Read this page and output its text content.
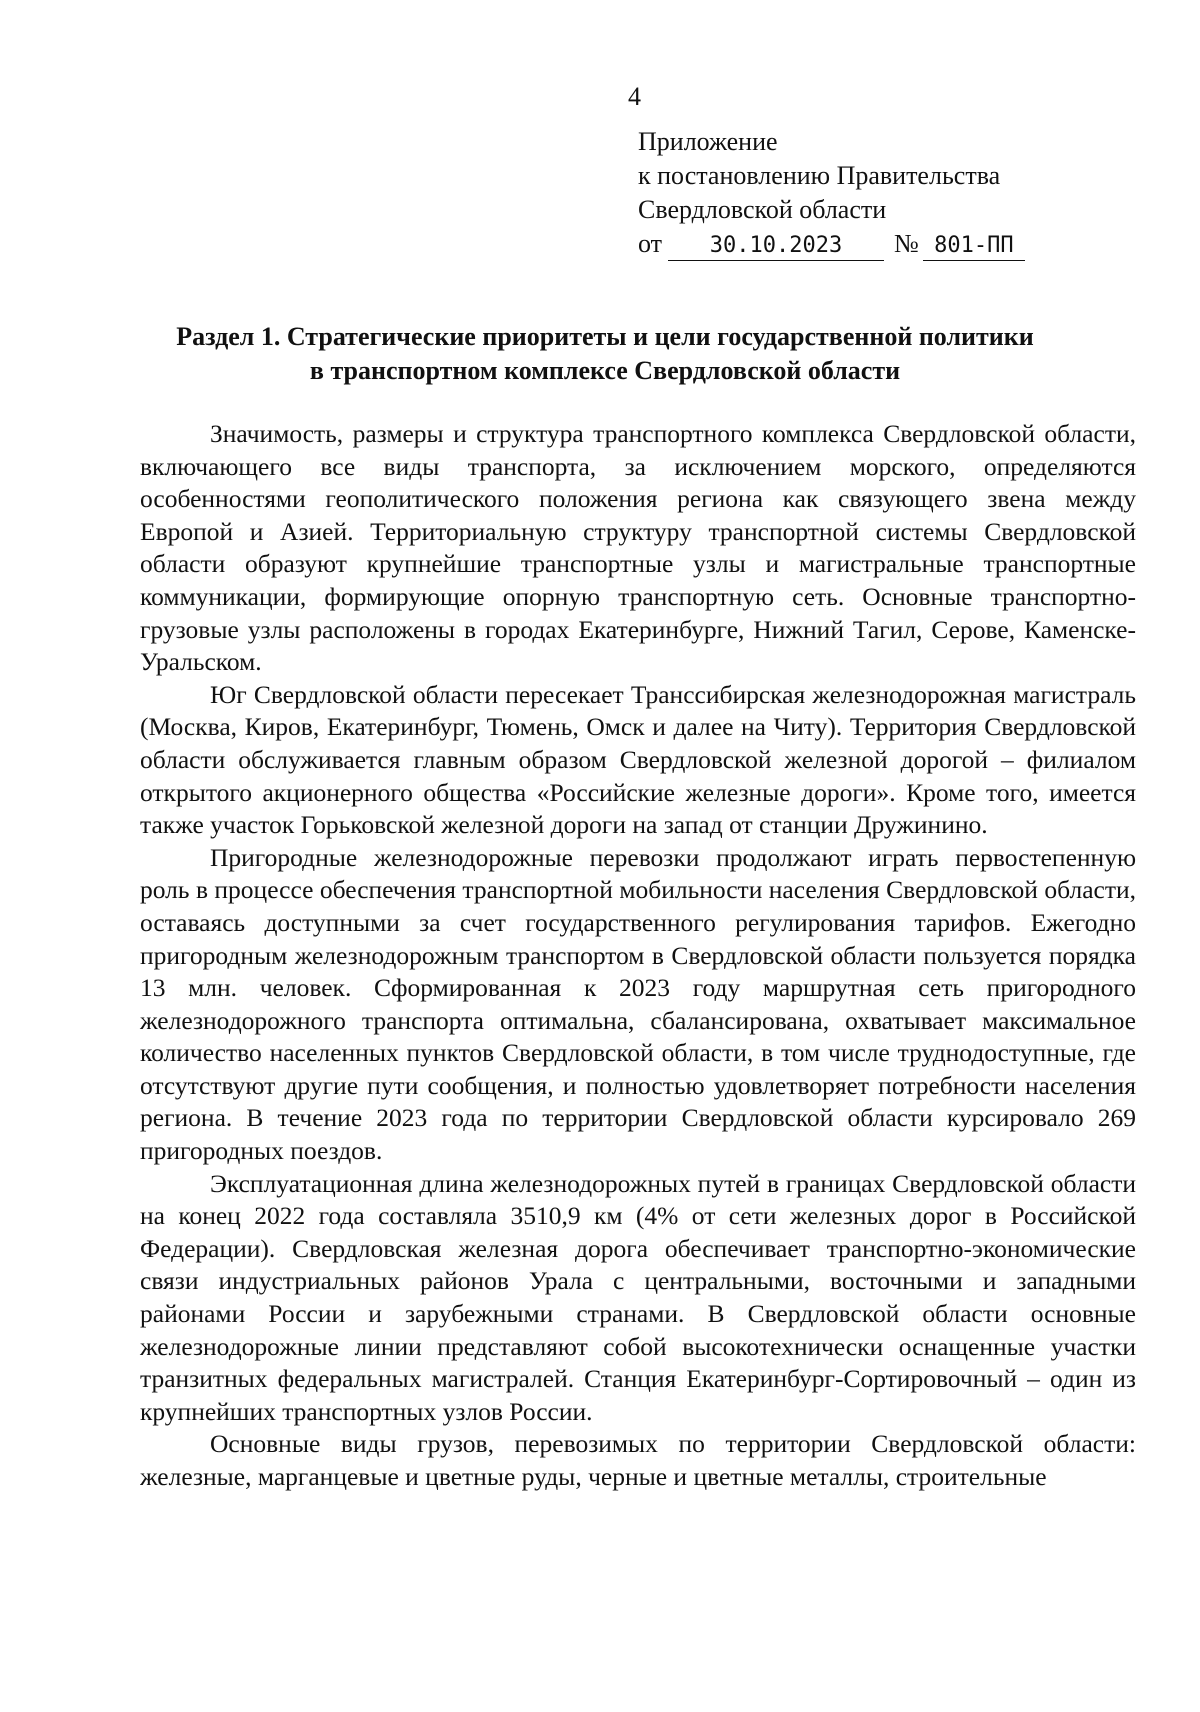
4
Приложение
к постановлению Правительства
Свердловской области
от 30.10.2023 № 801-ПП
Раздел 1. Стратегические приоритеты и цели государственной политики
в транспортном комплексе Свердловской области

Значимость, размеры и структура транспортного комплекса Свердловской области, включающего все виды транспорта, за исключением морского, определяются особенностями геополитического положения региона как связующего звена между Европой и Азией. Территориальную структуру транспортной системы Свердловской области образуют крупнейшие транспортные узлы и магистральные транспортные коммуникации, формирующие опорную транспортную сеть. Основные транспортно-грузовые узлы расположены в городах Екатеринбурге, Нижний Тагил, Серове, Каменске-Уральском.

Юг Свердловской области пересекает Транссибирская железнодорожная магистраль (Москва, Киров, Екатеринбург, Тюмень, Омск и далее на Читу). Территория Свердловской области обслуживается главным образом Свердловской железной дорогой – филиалом открытого акционерного общества «Российские железные дороги». Кроме того, имеется также участок Горьковской железной дороги на запад от станции Дружинино.

Пригородные железнодорожные перевозки продолжают играть первостепенную роль в процессе обеспечения транспортной мобильности населения Свердловской области, оставаясь доступными за счет государственного регулирования тарифов. Ежегодно пригородным железнодорожным транспортом в Свердловской области пользуется порядка 13 млн. человек. Сформированная к 2023 году маршрутная сеть пригородного железнодорожного транспорта оптимальна, сбалансирована, охватывает максимальное количество населенных пунктов Свердловской области, в том числе труднодоступные, где отсутствуют другие пути сообщения, и полностью удовлетворяет потребности населения региона. В течение 2023 года по территории Свердловской области курсировало 269 пригородных поездов.

Эксплуатационная длина железнодорожных путей в границах Свердловской области на конец 2022 года составляла 3510,9 км (4% от сети железных дорог в Российской Федерации). Свердловская железная дорога обеспечивает транспортно-экономические связи индустриальных районов Урала с центральными, восточными и западными районами России и зарубежными странами. В Свердловской области основные железнодорожные линии представляют собой высокотехнически оснащенные участки транзитных федеральных магистралей. Станция Екатеринбург-Сортировочный – один из крупнейших транспортных узлов России.

Основные виды грузов, перевозимых по территории Свердловской области: железные, марганцевые и цветные руды, черные и цветные металлы, строительные
